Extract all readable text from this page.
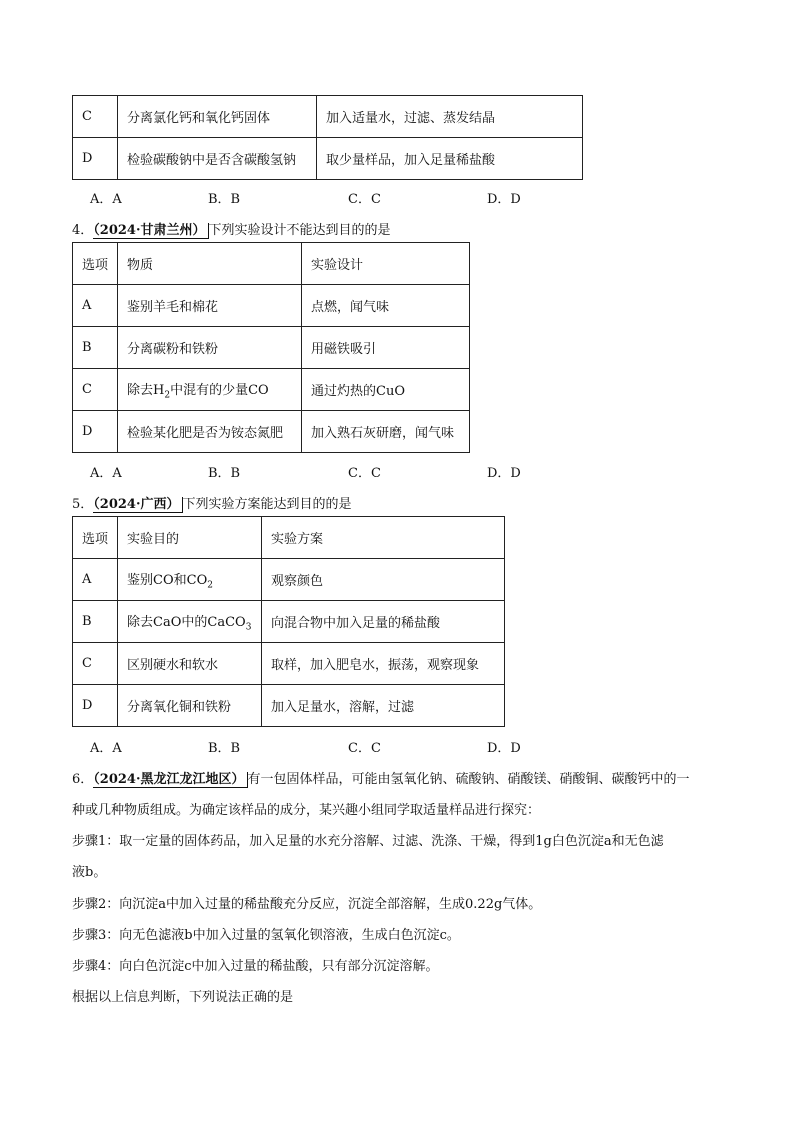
C	分离氯化钙和氧化钙固体	加入适量水，过滤、蒸发结晶
D	检验碳酸钠中是否含碳酸氢钠	取少量样品，加入足量稀盐酸
A．A	B．B	C．C	D．D
4．（2024·甘肃兰州） 下列实验设计不能达到目的的是
选项	物质	实验设计
A	鉴别羊毛和棉花	点燃，闻气味
B	分离碳粉和铁粉	用磁铁吸引
C	除去$H_2$中混有的少量CO	通过灼热的CuO
D	检验某化肥是否为铵态氮肥	加入熟石灰研磨，闻气味
A．A	B．B	C．C	D．D
5．（2024·广西） 下列实验方案能达到目的的是
选项	实验目的	实验方案
A	鉴别CO和$CO_2$	观察颜色
B	除去CaO中的CaCO$_3$	向混合物中加入足量的稀盐酸
C	区别硬水和软水	取样，加入肥皂水，振荡，观察现象
D	分离氧化铜和铁粉	加入足量水，溶解，过滤
A．A	B．B	C．C	D．D
6．（2024·黑龙江龙江地区） 有一包固体样品，可能由氢氧化钠、硫酸钠、硝酸镁、硝酸铜、碳酸钙中的一
种或几种物质组成。为确定该样品的成分，某兴趣小组同学取适量样品进行探究：
步骤1：取一定量的固体药品，加入足量的水充分溶解、过滤、洗涤、干燥，得到1g白色沉淀a和无色滤
液b。
步骤2：向沉淀a中加入过量的稀盐酸充分反应，沉淀全部溶解，生成0.22g气体。
步骤3：向无色滤液b中加入过量的氢氧化钡溶液，生成白色沉淀c。
步骤4：向白色沉淀c中加入过量的稀盐酸，只有部分沉淀溶解。
根据以上信息判断，下列说法正确的是
